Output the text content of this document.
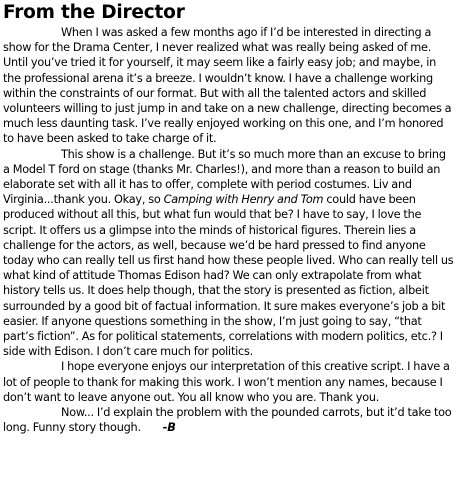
From the Director

When I was asked a few months ago if I’d be interested in directing a show for the Drama Center, I never realized what was really being asked of me. Until you’ve tried it for yourself, it may seem like a fairly easy job; and maybe, in the professional arena it’s a breeze. I wouldn’t know. I have a challenge working within the constraints of our format. But with all the talented actors and skilled volunteers willing to just jump in and take on a new challenge, directing becomes a much less daunting task. I’ve really enjoyed working on this one, and I’m honored to have been asked to take charge of it.

This show is a challenge. But it’s so much more than an excuse to bring a Model T ford on stage (thanks Mr. Charles!), and more than a reason to build an elaborate set with all it has to offer, complete with period costumes. Liv and Virginia...thank you. Okay, so Camping with Henry and Tom could have been produced without all this, but what fun would that be? I have to say, I love the script. It offers us a glimpse into the minds of historical figures. Therein lies a challenge for the actors, as well, because we’d be hard pressed to find anyone today who can really tell us first hand how these people lived. Who can really tell us what kind of attitude Thomas Edison had? We can only extrapolate from what history tells us. It does help though, that the story is presented as fiction, albeit surrounded by a good bit of factual information. It sure makes everyone’s job a bit easier. If anyone questions something in the show, I’m just going to say, “that part’s fiction”. As for political statements, correlations with modern politics, etc.? I side with Edison. I don’t care much for politics.

I hope everyone enjoys our interpretation of this creative script. I have a lot of people to thank for making this work. I won’t mention any names, because I don’t want to leave anyone out. You all know who you are. Thank you.

Now... I’d explain the problem with the pounded carrots, but it’d take too long. Funny story though. -B
